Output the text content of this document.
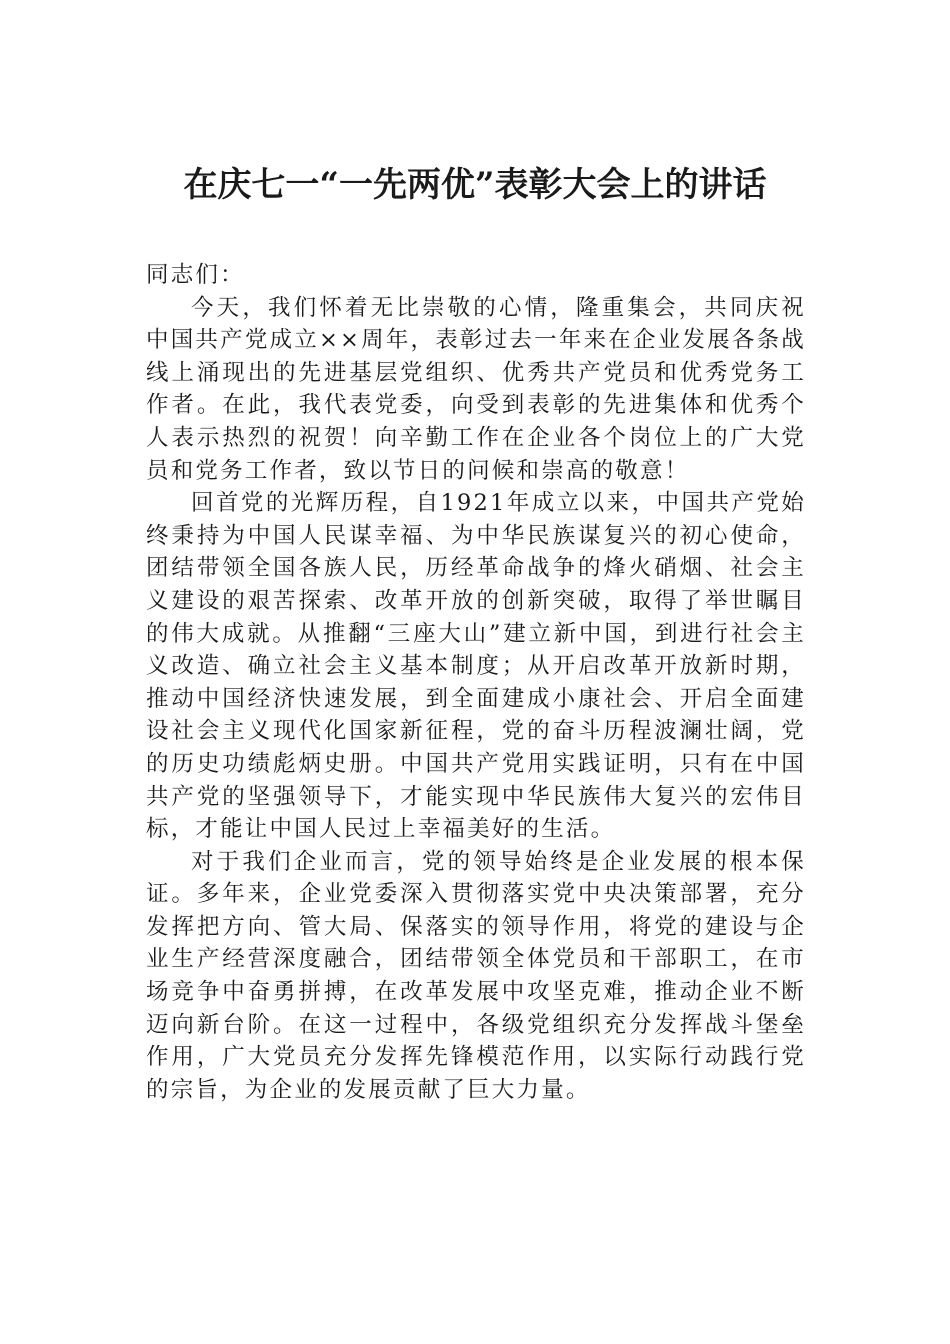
在庆七一“一先两优”表彰大会上的讲话

同志们：

今天，我们怀着无比崇敬的心情，隆重集会，共同庆祝中国共产党成立××周年，表彰过去一年来在企业发展各条战线上涌现出的先进基层党组织、优秀共产党员和优秀党务工作者。在此，我代表党委，向受到表彰的先进集体和优秀个人表示热烈的祝贺！向辛勤工作在企业各个岗位上的广大党员和党务工作者，致以节日的问候和崇高的敬意！

回首党的光辉历程，自1921年成立以来，中国共产党始终秉持为中国人民谋幸福、为中华民族谋复兴的初心使命，团结带领全国各族人民，历经革命战争的烽火硝烟、社会主义建设的艰苦探索、改革开放的创新突破，取得了举世瞩目的伟大成就。从推翻“三座大山”建立新中国，到进行社会主义改造、确立社会主义基本制度；从开启改革开放新时期，推动中国经济快速发展，到全面建成小康社会、开启全面建设社会主义现代化国家新征程，党的奋斗历程波澜壮阔，党的历史功绩彪炳史册。中国共产党用实践证明，只有在中国共产党的坚强领导下，才能实现中华民族伟大复兴的宏伟目标，才能让中国人民过上幸福美好的生活。

对于我们企业而言，党的领导始终是企业发展的根本保证。多年来，企业党委深入贯彻落实党中央决策部署，充分发挥把方向、管大局、保落实的领导作用，将党的建设与企业生产经营深度融合，团结带领全体党员和干部职工，在市场竞争中奋勇拼搏，在改革发展中攻坚克难，推动企业不断迈向新台阶。在这一过程中，各级党组织充分发挥战斗堡垒作用，广大党员充分发挥先锋模范作用，以实际行动践行党的宗旨，为企业的发展贡献了巨大力量。
